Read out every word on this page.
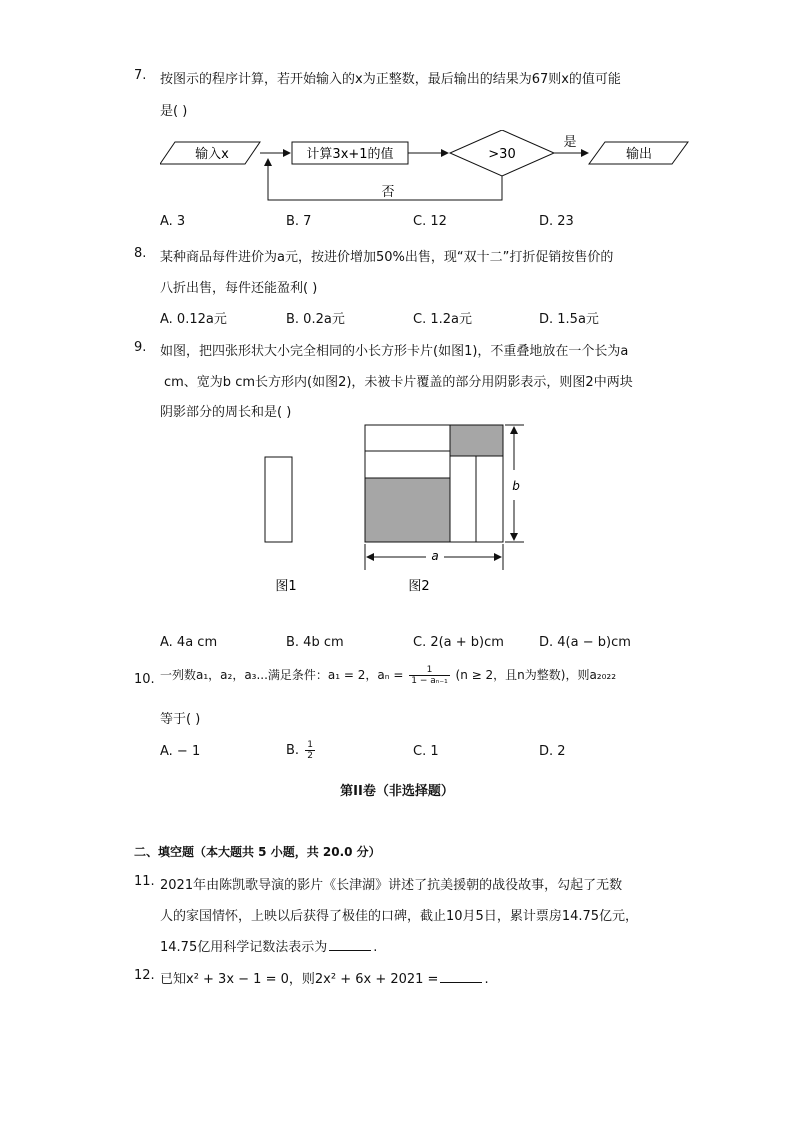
7. 按图示的程序计算，若开始输入的x为正整数，最后输出的结果为67则x的值可能
是( )
输入x	计算3x+1的值	>30
是
输出
否
A. 3	B. 7	C. 12	D. 23
8. 某种商品每件进价为a元，按进价增加50%出售，现“双十二”打折促销按售价的
八折出售，每件还能盈利( )
A. 0.12a元	B. 0.2a元	C. 1.2a元	D. 1.5a元
9. 如图，把四张形状大小完全相同的小长方形卡片(如图1)，不重叠地放在一个长为a
cm、宽为b cm长方形内(如图2)，未被卡片覆盖的部分用阴影表示，则图2中两块
阴影部分的周长和是( )
b
a
图1	图2
A. 4a cm	B. 4b cm	C. 2(a + b)cm	D. 4(a − b)cm
10. 一列数a₁，a₂，a₃...满足条件：a₁ = 2，$a_n = \frac{1}{\text{1 − aₙ₋₁}} (n \ge 2$，且n为整数)，则a₂₀₂₂
等于( )
A. − 1	B. $\frac{1}{2}$	C. 1	D. 2
第II卷（非选择题）
二、填空题（本大题共 5 小题，共 20.0 分）
11. 2021年由陈凯歌导演的影片《长津湖》讲述了抗美援朝的战役故事，勾起了无数
人的家国情怀，上映以后获得了极佳的口碑，截止10月5日，累计票房14.75亿元，
14.75亿用科学记数法表示为	.
12. 已知x² + 3x − 1 = 0，则2x² + 6x + 2021 =	.
